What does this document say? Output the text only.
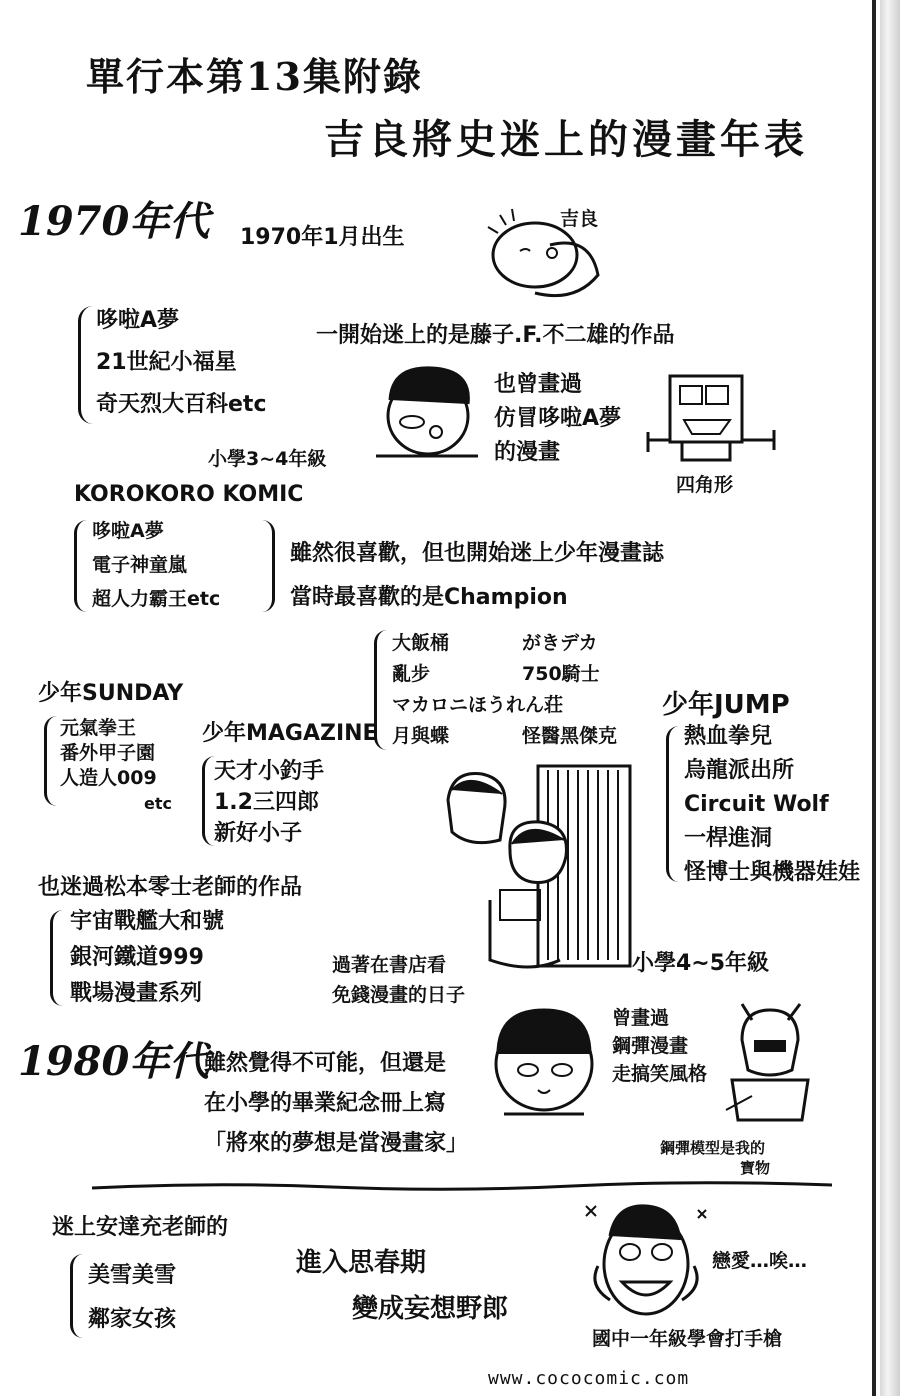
單行本第13集附錄
吉良將史迷上的漫畫年表
1970年代 1970年1月出生
吉良
哆啦A夢
21世紀小福星
奇天烈大百科etc
一開始迷上的是藤子.F.不二雄的作品
小學3~4年級
也曾畫過
仿冒哆啦A夢
的漫畫
四角形
KOROKORO KOMIC
哆啦A夢
電子神童嵐
超人力霸王etc
雖然很喜歡，但也開始迷上少年漫畫誌
當時最喜歡的是Champion
大飯桶	がきデカ
亂步	750騎士
マカロニほうれん荘
月與蝶	怪醫黑傑克
少年SUNDAY
元氣拳王
番外甲子園
人造人009
etc
少年MAGAZINE
天才小釣手
1.2三四郎
新好小子
少年JUMP
熱血拳兒
烏龍派出所
Circuit Wolf
一桿進洞
怪博士與機器娃娃
也迷過松本零士老師的作品
宇宙戰艦大和號
銀河鐵道999
戰場漫畫系列
過著在書店看
免錢漫畫的日子
小學4~5年級
1980年代
雖然覺得不可能，但還是
在小學的畢業紀念冊上寫
「將來的夢想是當漫畫家」
曾畫過
鋼彈漫畫
走搞笑風格
鋼彈模型是我的
寶物
迷上安達充老師的
美雪美雪
鄰家女孩
進入思春期
變成妄想野郎
戀愛…唉…
國中一年級學會打手槍
www.cococomic.com
